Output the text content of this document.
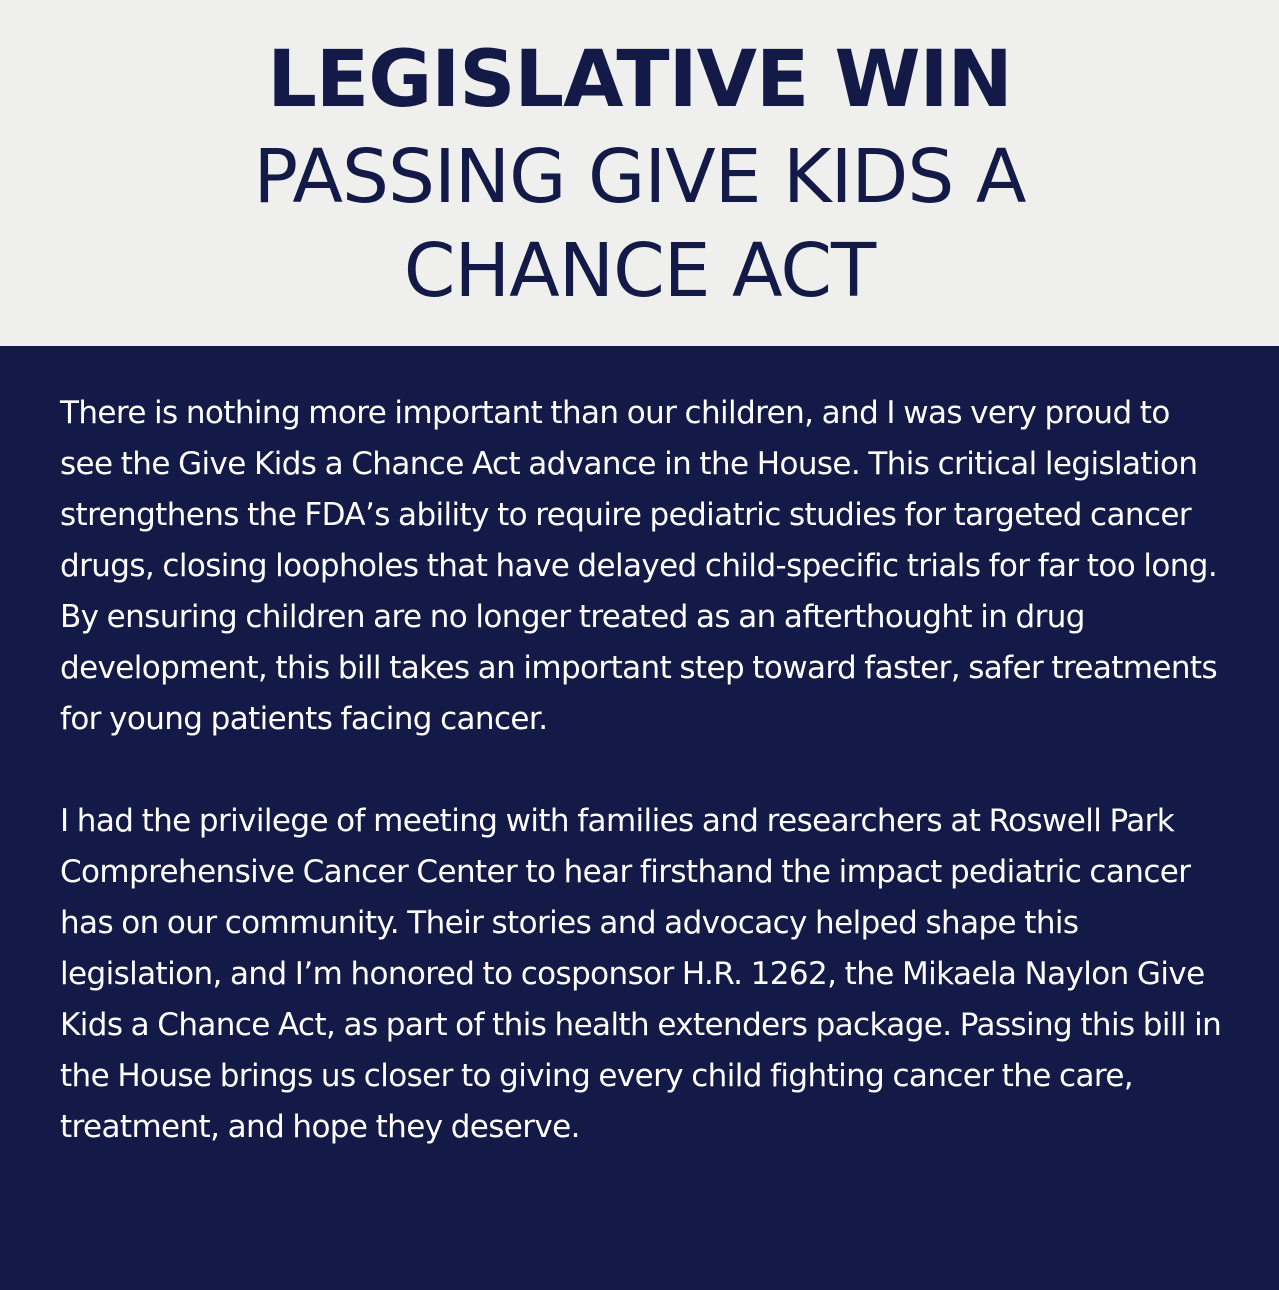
LEGISLATIVE WIN
PASSING GIVE KIDS A CHANCE ACT

There is nothing more important than our children, and I was very proud to see the Give Kids a Chance Act advance in the House. This critical legislation strengthens the FDA’s ability to require pediatric studies for targeted cancer drugs, closing loopholes that have delayed child-specific trials for far too long. By ensuring children are no longer treated as an afterthought in drug development, this bill takes an important step toward faster, safer treatments for young patients facing cancer.

I had the privilege of meeting with families and researchers at Roswell Park Comprehensive Cancer Center to hear firsthand the impact pediatric cancer has on our community. Their stories and advocacy helped shape this legislation, and I’m honored to cosponsor H.R. 1262, the Mikaela Naylon Give Kids a Chance Act, as part of this health extenders package. Passing this bill in the House brings us closer to giving every child fighting cancer the care, treatment, and hope they deserve.
